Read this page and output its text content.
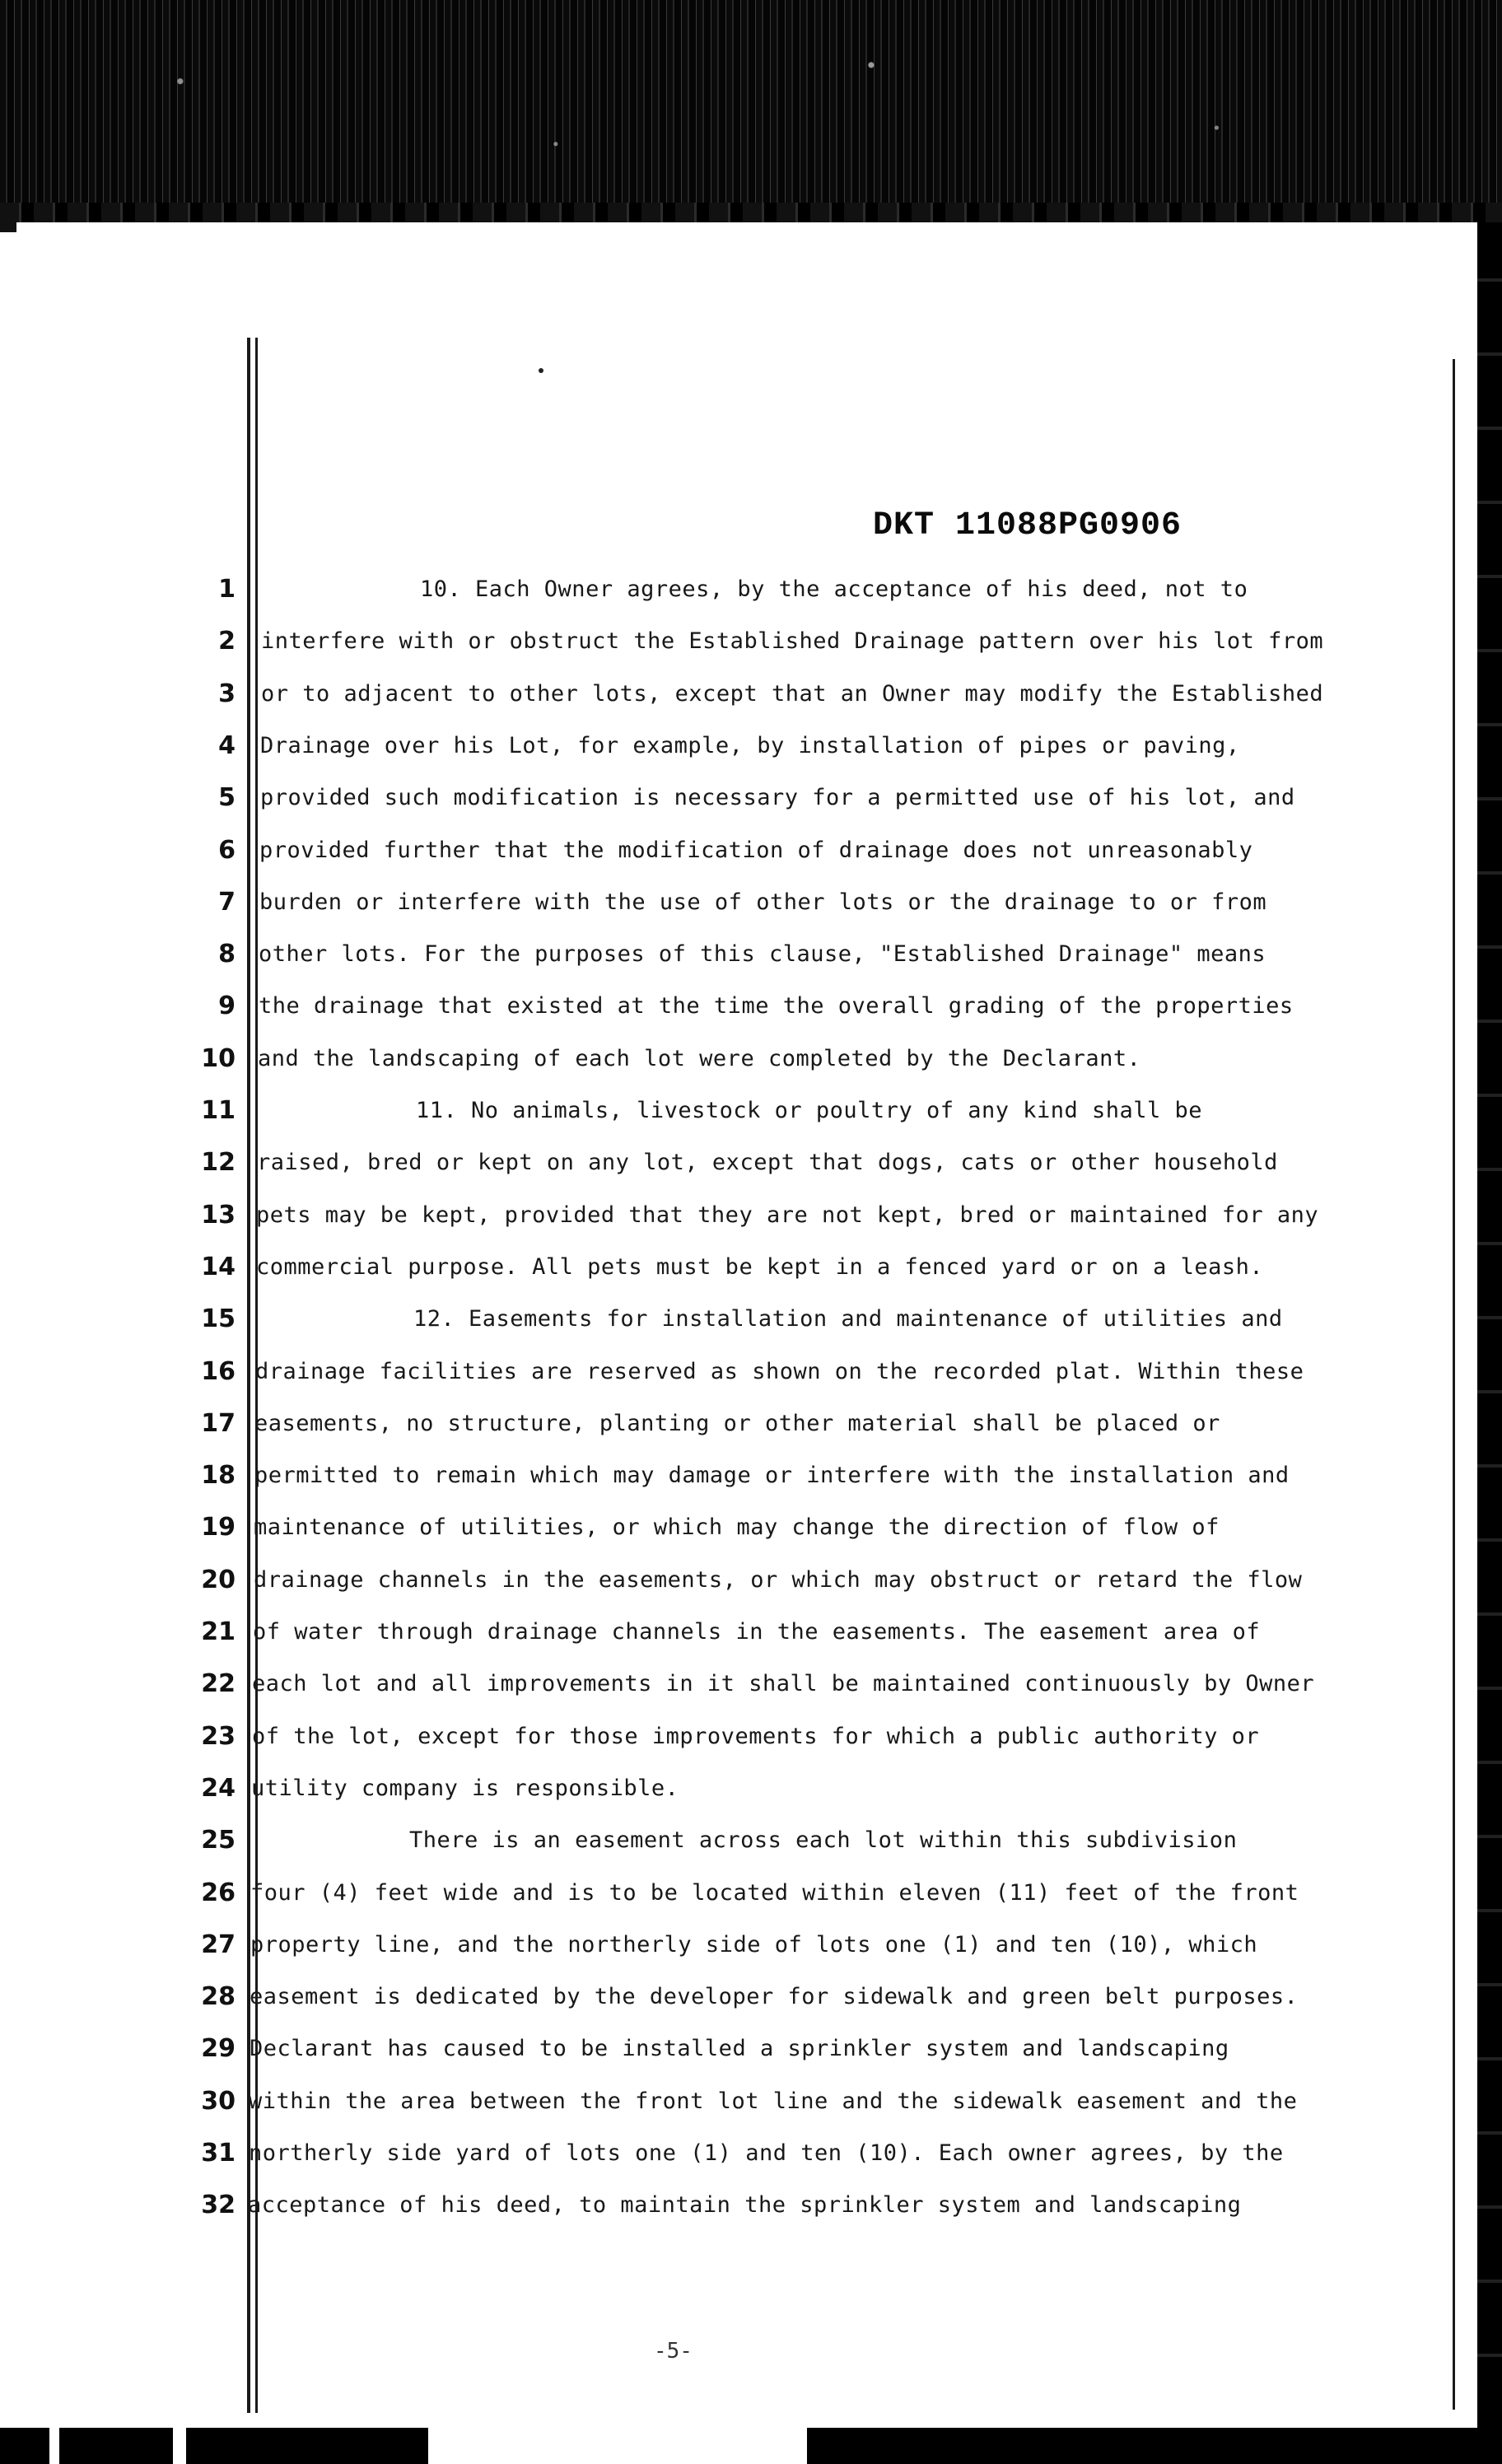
DKT 11088PG0906
1	10. Each Owner agrees, by the acceptance of his deed, not to
2 interfere with or obstruct the Established Drainage pattern over his lot from
3 or to adjacent to other lots, except that an Owner may modify the Established
4 Drainage over his Lot, for example, by installation of pipes or paving,
5 provided such modification is necessary for a permitted use of his lot, and
6 provided further that the modification of drainage does not unreasonably
7 burden or interfere with the use of other lots or the drainage to or from
8 other lots. For the purposes of this clause, "Established Drainage" means
9 the drainage that existed at the time the overall grading of the properties
10 and the landscaping of each lot were completed by the Declarant.
11	11. No animals, livestock or poultry of any kind shall be
12 raised, bred or kept on any lot, except that dogs, cats or other household
13 pets may be kept, provided that they are not kept, bred or maintained for any
14 commercial purpose. All pets must be kept in a fenced yard or on a leash.
15	12. Easements for installation and maintenance of utilities and
16 drainage facilities are reserved as shown on the recorded plat. Within these
17 easements, no structure, planting or other material shall be placed or
18 permitted to remain which may damage or interfere with the installation and
19 maintenance of utilities, or which may change the direction of flow of
20 drainage channels in the easements, or which may obstruct or retard the flow
21 of water through drainage channels in the easements. The easement area of
22 each lot and all improvements in it shall be maintained continuously by Owner
23 of the lot, except for those improvements for which a public authority or
24 utility company is responsible.
25	There is an easement across each lot within this subdivision
26 four (4) feet wide and is to be located within eleven (11) feet of the front
27 property line, and the northerly side of lots one (1) and ten (10), which
28 easement is dedicated by the developer for sidewalk and green belt purposes.
29 Declarant has caused to be installed a sprinkler system and landscaping
30 within the area between the front lot line and the sidewalk easement and the
31 northerly side yard of lots one (1) and ten (10). Each owner agrees, by the
32 acceptance of his deed, to maintain the sprinkler system and landscaping
-5-
